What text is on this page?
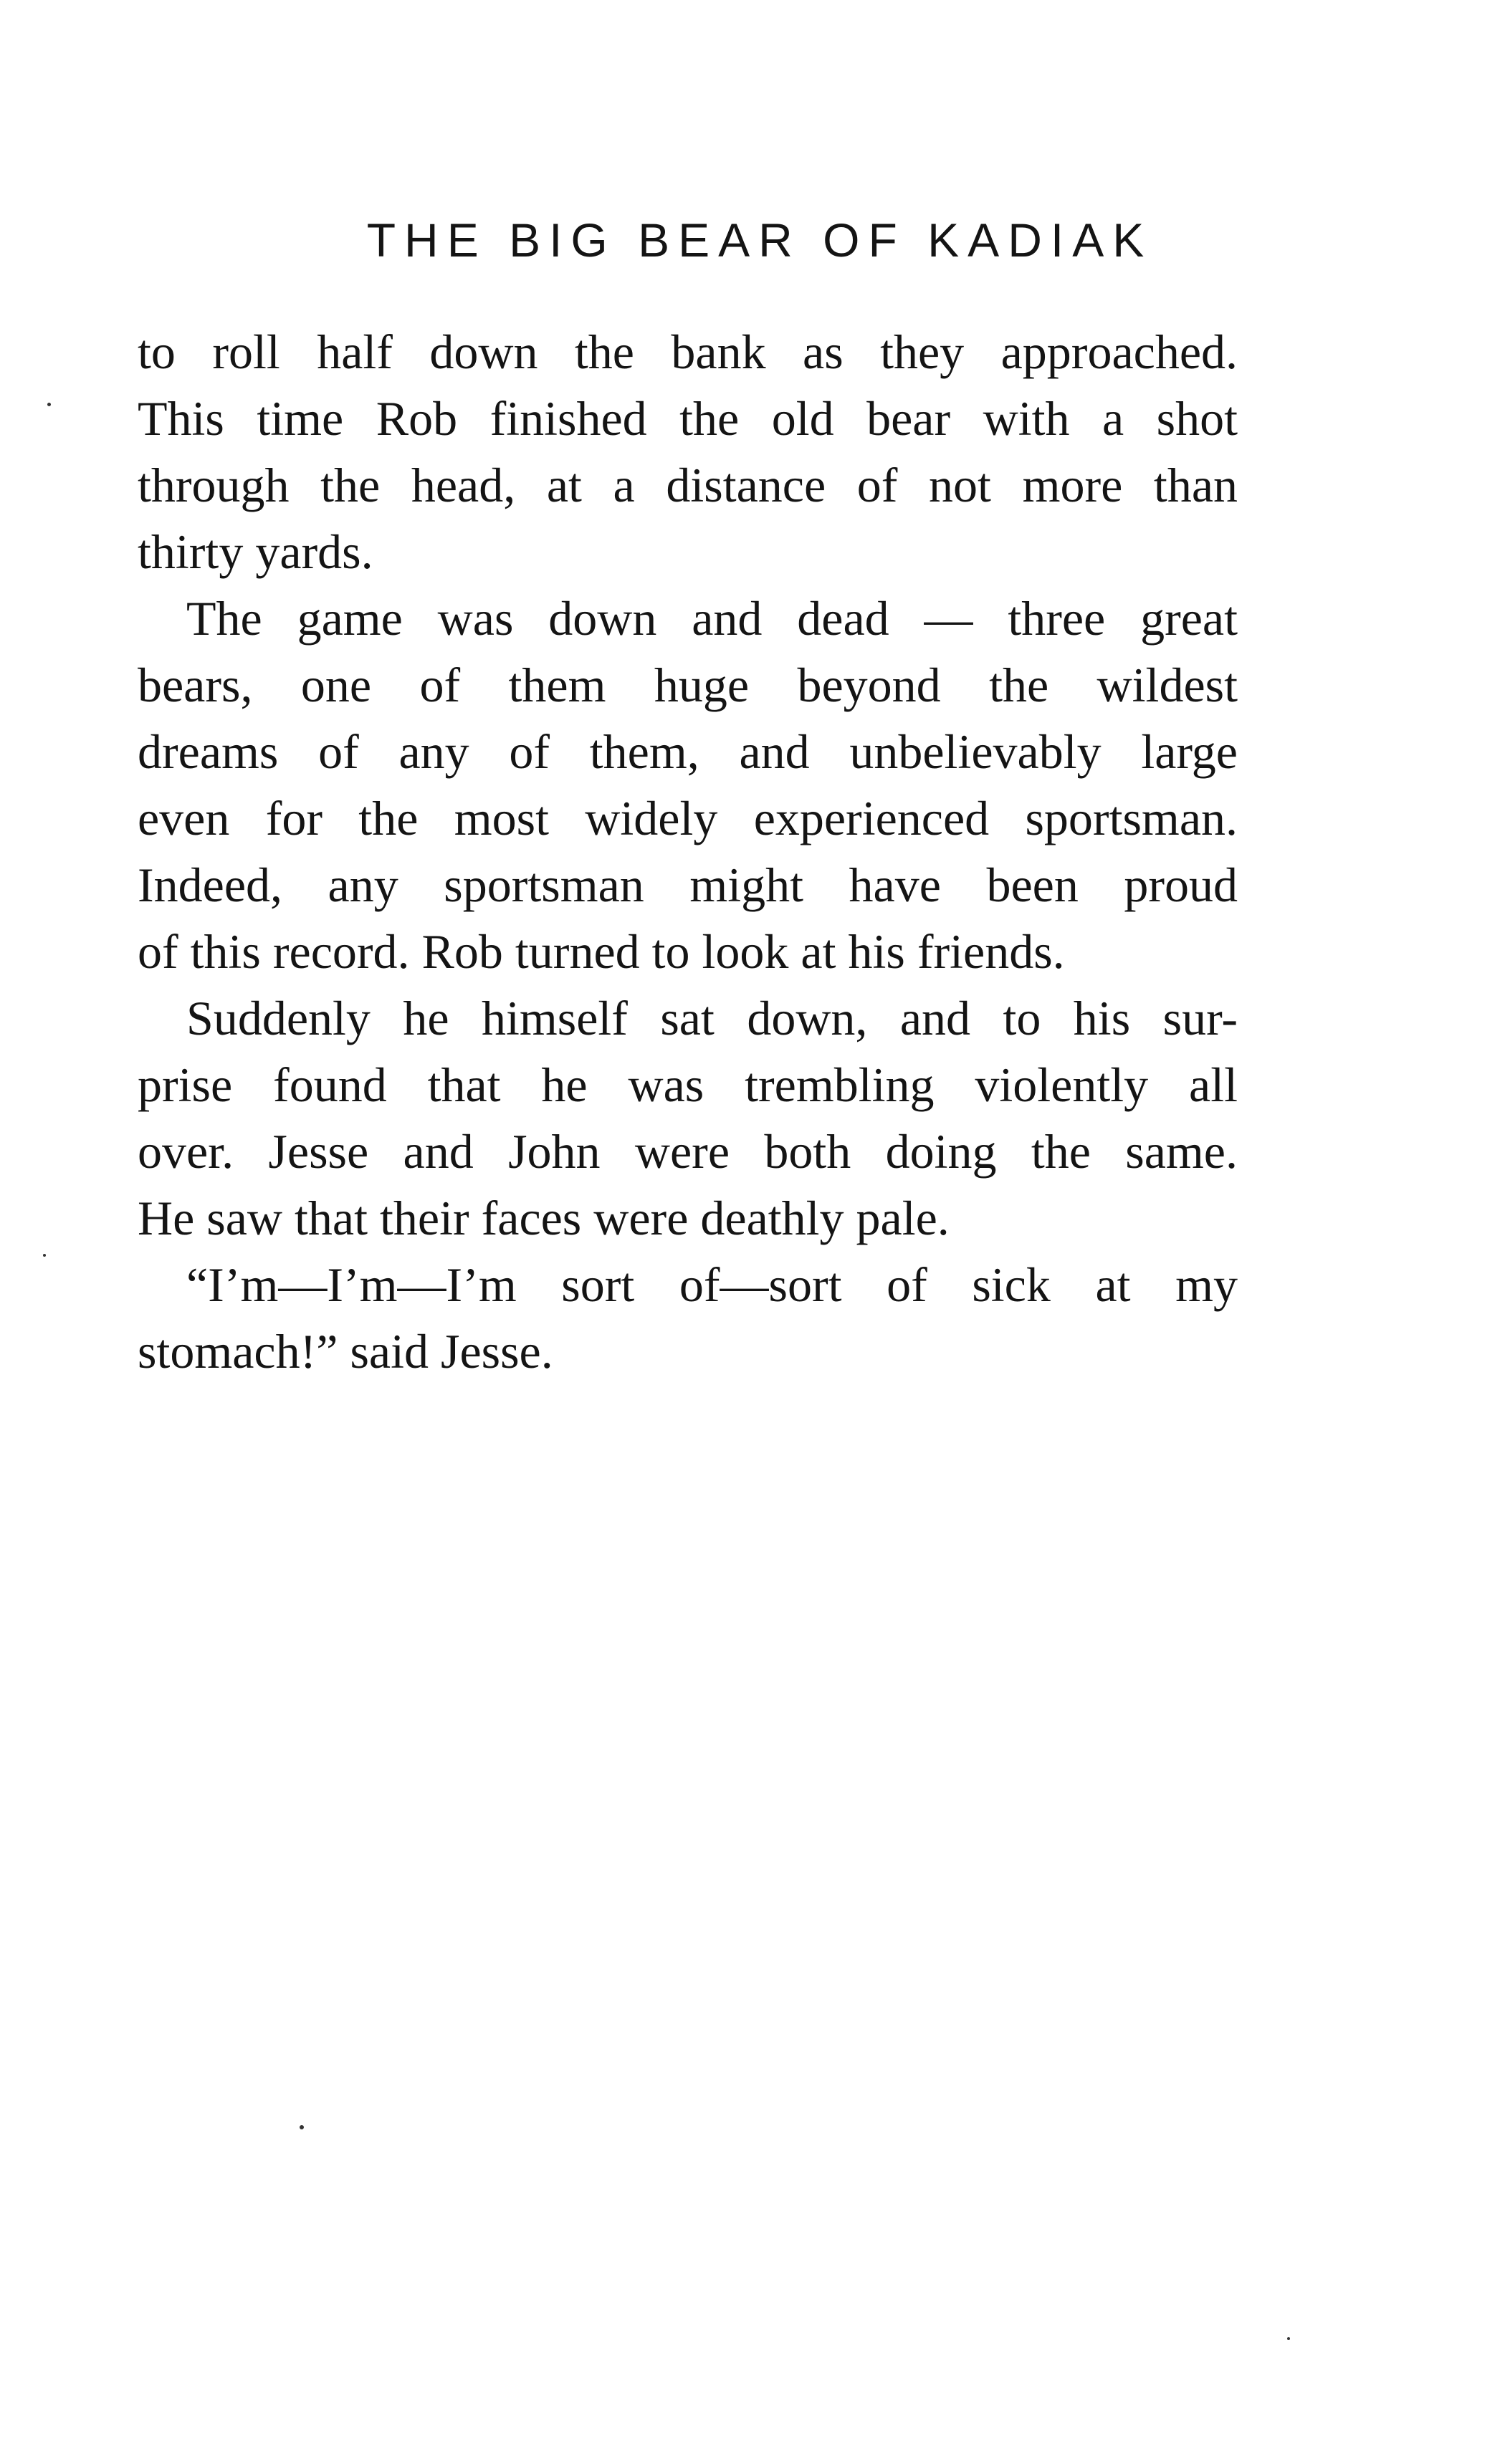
THE BIG BEAR OF KADIAK
to roll half down the bank as they approached.
This time Rob finished the old bear with a shot
through the head, at a distance of not more than
thirty yards.
The game was down and dead — three great
bears, one of them huge beyond the wildest
dreams of any of them, and unbelievably large
even for the most widely experienced sportsman.
Indeed, any sportsman might have been proud
of this record. Rob turned to look at his friends.
Suddenly he himself sat down, and to his sur-
prise found that he was trembling violently all
over. Jesse and John were both doing the same.
He saw that their faces were deathly pale.
“I’m—I’m—I’m sort of—sort of sick at my
stomach!” said Jesse.
